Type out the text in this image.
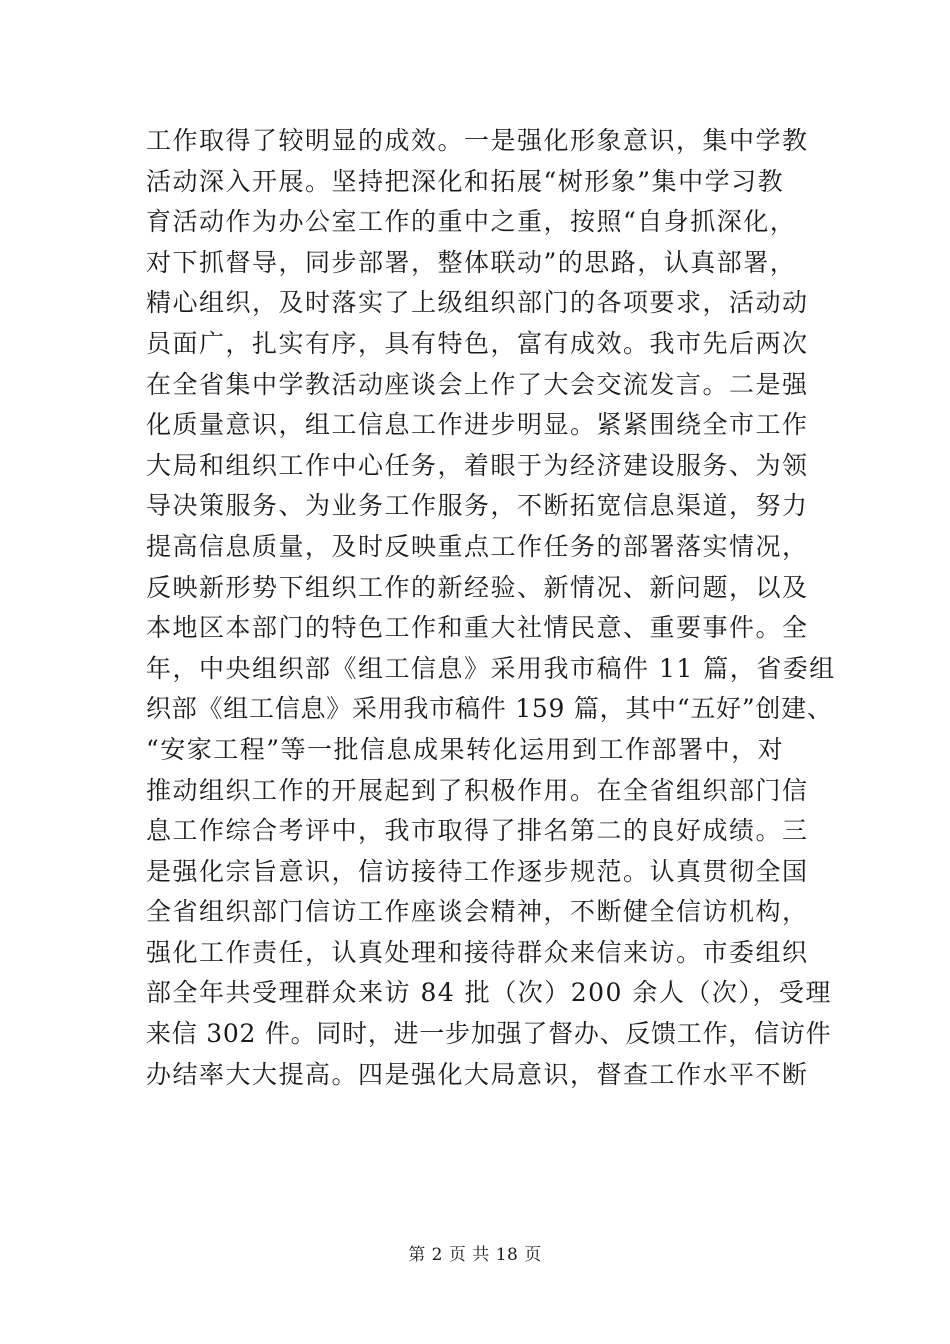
工作取得了较明显的成效。一是强化形象意识，集中学教
活动深入开展。坚持把深化和拓展“树形象”集中学习教
育活动作为办公室工作的重中之重，按照“自身抓深化，
对下抓督导，同步部署，整体联动”的思路，认真部署，
精心组织，及时落实了上级组织部门的各项要求，活动动
员面广，扎实有序，具有特色，富有成效。我市先后两次
在全省集中学教活动座谈会上作了大会交流发言。二是强
化质量意识，组工信息工作进步明显。紧紧围绕全市工作
大局和组织工作中心任务，着眼于为经济建设服务、为领
导决策服务、为业务工作服务，不断拓宽信息渠道，努力
提高信息质量，及时反映重点工作任务的部署落实情况，
反映新形势下组织工作的新经验、新情况、新问题，以及
本地区本部门的特色工作和重大社情民意、重要事件。全
年，中央组织部《组工信息》采用我市稿件 11 篇，省委组
织部《组工信息》采用我市稿件 159 篇，其中“五好”创建、
“安家工程”等一批信息成果转化运用到工作部署中，对
推动组织工作的开展起到了积极作用。在全省组织部门信
息工作综合考评中，我市取得了排名第二的良好成绩。三
是强化宗旨意识，信访接待工作逐步规范。认真贯彻全国
全省组织部门信访工作座谈会精神，不断健全信访机构，
强化工作责任，认真处理和接待群众来信来访。市委组织
部全年共受理群众来访 84 批（次）200 余人（次），受理
来信 302 件。同时，进一步加强了督办、反馈工作，信访件
办结率大大提高。四是强化大局意识，督查工作水平不断
第 2 页 共 18 页
